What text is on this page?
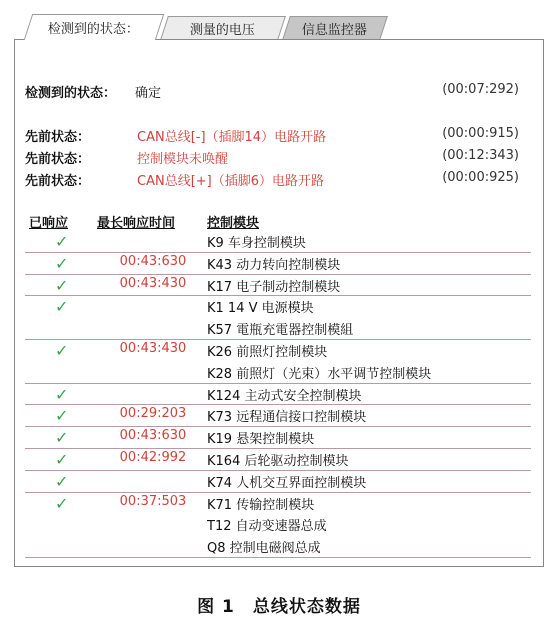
检测到的状态：	测量的电压	信息监控器
检测到的状态： 确定	(00:07:292)
先前状态：	CAN总线[-]（插脚14）电路开路	(00:00:915)
先前状态：	控制模块未唤醒	(00:12:343)
先前状态：	CAN总线[+]（插脚6）电路开路	(00:00:925)
已响应 最长响应时间 控制模块
✓	K9 车身控制模块
✓	00:43:630 K43 动力转向控制模块
✓	00:43:430 K17 电子制动控制模块
✓	K1 14 V 电源模块
K57 電瓶充電器控制模組
✓	00:43:430 K26 前照灯控制模块
K28 前照灯（光束）水平调节控制模块
✓	K124 主动式安全控制模块
✓	00:29:203 K73 远程通信接口控制模块
✓	00:43:630 K19 悬架控制模块
✓	00:42:992 K164 后轮驱动控制模块
✓	K74 人机交互界面控制模块
✓	00:37:503 K71 传输控制模块
T12 自动变速器总成
Q8 控制电磁阀总成
图 1　总线状态数据
